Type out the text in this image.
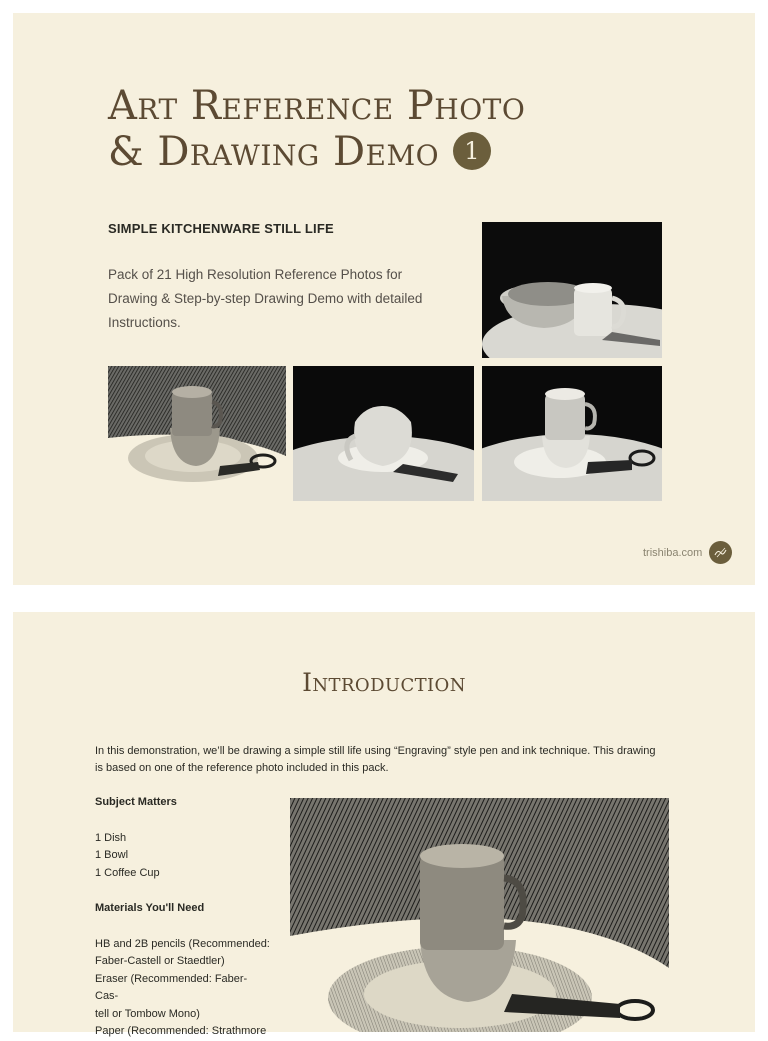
Art Reference Photo
& Drawing Demo 1
SIMPLE KITCHENWARE STILL LIFE
Pack of 21 High Resolution Reference Photos for Drawing & Step-by-step Drawing Demo with detailed Instructions.
trishiba.com
Introduction

In this demonstration, we’ll be drawing a simple still life using “Engraving” style pen and ink technique. This drawing is based on one of the reference photo included in this pack.

Subject Matters
1 Dish
1 Bowl
1 Coffee Cup
Materials You'll Need
HB and 2B pencils (Recommended:
Faber-Castell or Staedtler)
Eraser (Recommended: Faber-Cas-
tell or Tombow Mono)
Paper (Recommended: Strathmore
